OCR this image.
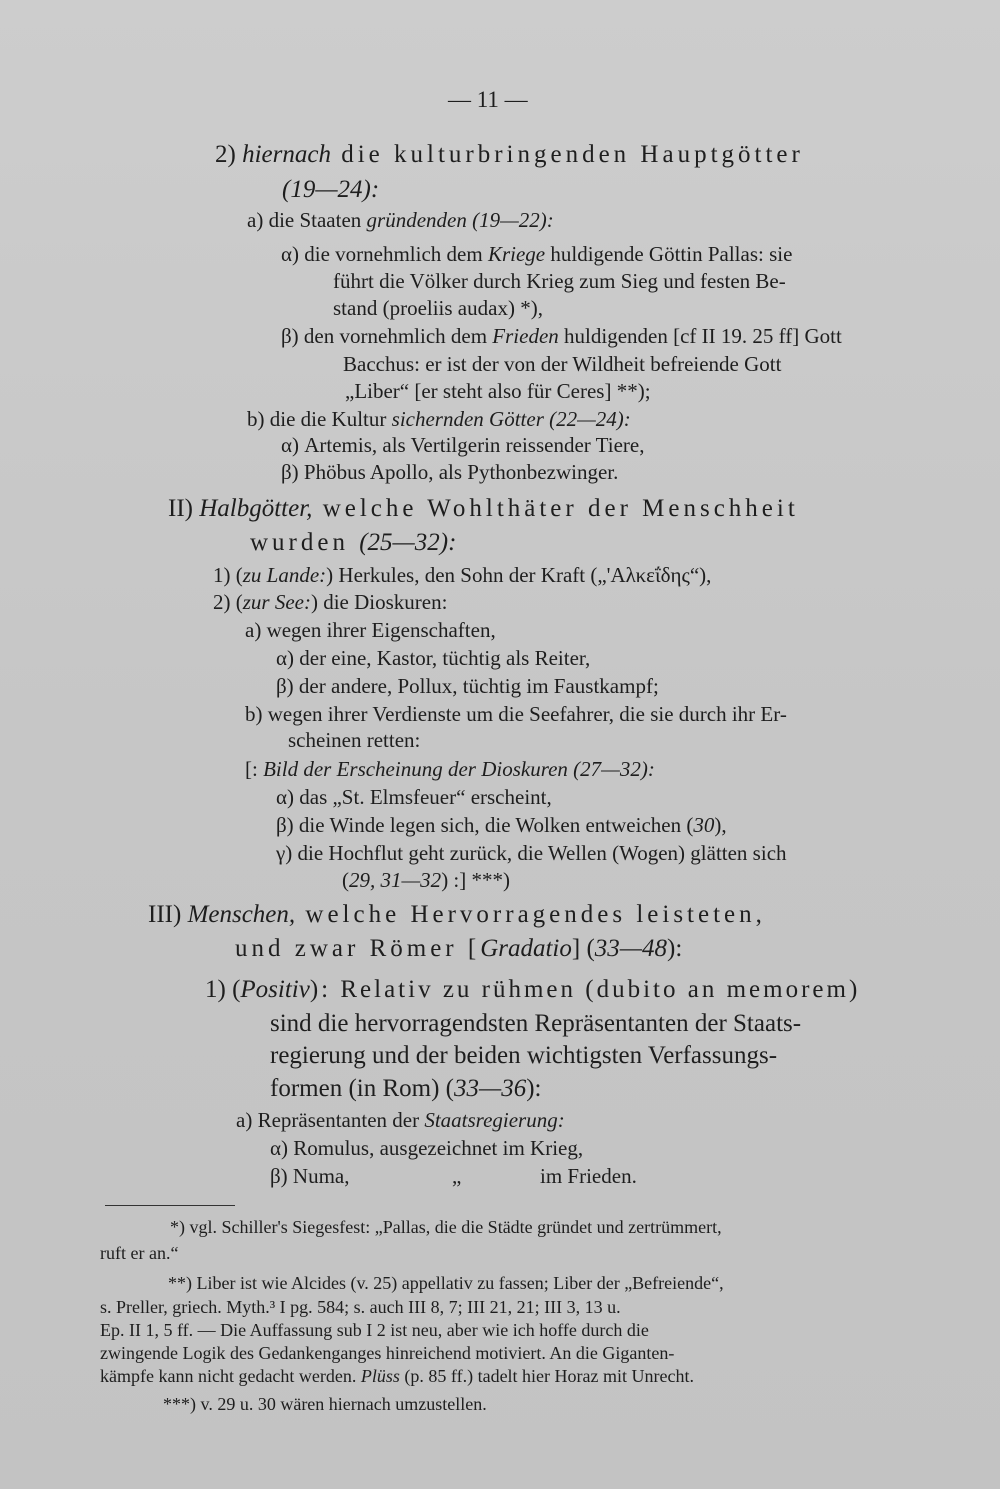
— 11 —
2) hiernach die kulturbringenden Hauptgötter
(19—24):
a) die Staaten gründenden (19—22):
α) die vornehmlich dem Kriege huldigende Göttin Pallas: sie
führt die Völker durch Krieg zum Sieg und festen Be-
stand (proeliis audax) *),
β) den vornehmlich dem Frieden huldigenden [cf II 19. 25 ff] Gott
Bacchus: er ist der von der Wildheit befreiende Gott
„Liber“ [er steht also für Ceres] **);
b) die die Kultur sichernden Götter (22—24):
α) Artemis, als Vertilgerin reissender Tiere,
β) Phöbus Apollo, als Pythonbezwinger.
II) Halbgötter, welche Wohlthäter der Menschheit
wurden (25—32):
1) (zu Lande:) Herkules, den Sohn der Kraft („'Αλκεΐδης“),
2) (zur See:) die Dioskuren:
a) wegen ihrer Eigenschaften,
α) der eine, Kastor, tüchtig als Reiter,
β) der andere, Pollux, tüchtig im Faustkampf;
b) wegen ihrer Verdienste um die Seefahrer, die sie durch ihr Er-
scheinen retten:
[: Bild der Erscheinung der Dioskuren (27—32):
α) das „St. Elmsfeuer“ erscheint,
β) die Winde legen sich, die Wolken entweichen (30),
γ) die Hochflut geht zurück, die Wellen (Wogen) glätten sich
(29, 31—32) :] ***)
III) Menschen, welche Hervorragendes leisteten,
und zwar Römer [Gradatio] (33—48):
1) (Positiv): Relativ zu rühmen (dubito an memorem)
sind die hervorragendsten Repräsentanten der Staats-
regierung und der beiden wichtigsten Verfassungs-
formen (in Rom) (33—36):
a) Repräsentanten der Staatsregierung:
α) Romulus, ausgezeichnet im Krieg,
β) Numa,	„	im Frieden.
*) vgl. Schiller's Siegesfest: „Pallas, die die Städte gründet und zertrümmert,
ruft er an.“
**) Liber ist wie Alcides (v. 25) appellativ zu fassen; Liber der „Befreiende“,
s. Preller, griech. Myth.³ I pg. 584; s. auch III 8, 7; III 21, 21; III 3, 13 u.
Ep. II 1, 5 ff. — Die Auffassung sub I 2 ist neu, aber wie ich hoffe durch die
zwingende Logik des Gedankenganges hinreichend motiviert. An die Giganten-
kämpfe kann nicht gedacht werden. Plüss (p. 85 ff.) tadelt hier Horaz mit Unrecht.
***) v. 29 u. 30 wären hiernach umzustellen.
